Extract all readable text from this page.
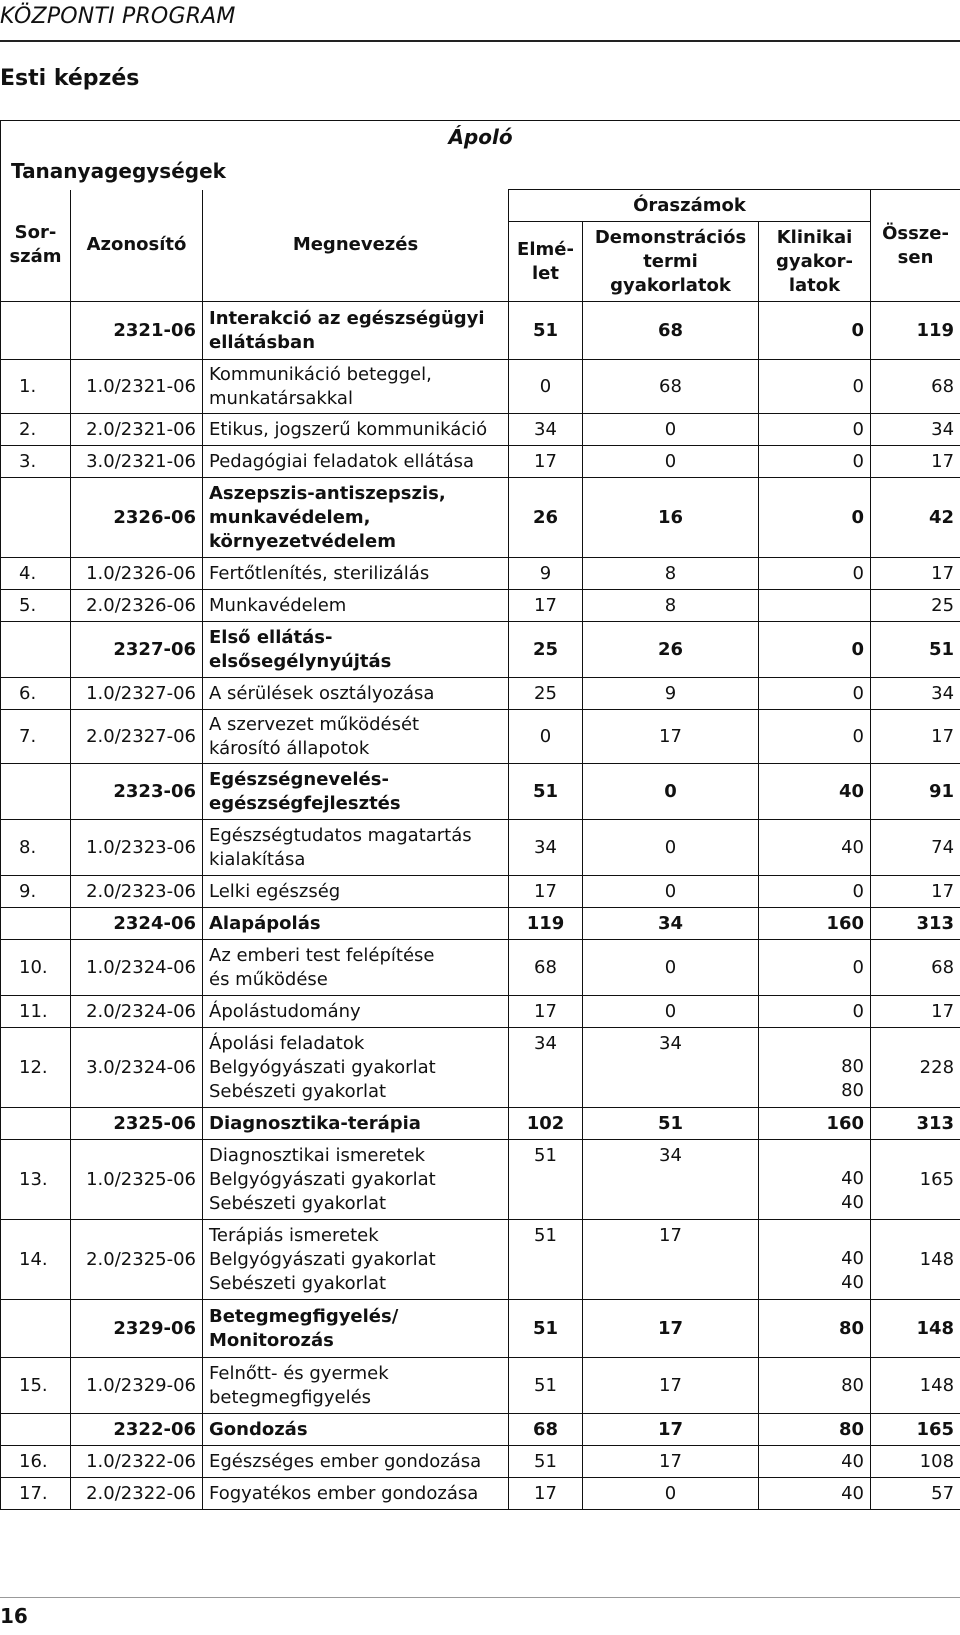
KÖZPONTI PROGRAM
Esti képzés
Ápoló						
Tananyagegységek						
Sor-
szám	Azonosító	Megnevezés	Óraszámok			Össze-
sen
			Elmé-
let	Demonstrációs
termi
gyakorlatok	Klinikai
gyakor-
latok	
	2321-06	Interakció az egészségügyi
ellátásban	51	68	0	119
1.	1.0/2321-06	Kommunikáció beteggel,
munkatársakkal	0	68	0	68
2.	2.0/2321-06	Etikus, jogszerű kommunikáció	34	0	0	34
3.	3.0/2321-06	Pedagógiai feladatok ellátása	17	0	0	17
	2326-06	Aszepszis-antiszepszis,
munkavédelem,
környezetvédelem	26	16	0	42
4.	1.0/2326-06	Fertőtlenítés, sterilizálás	9	8	0	17
5.	2.0/2326-06	Munkavédelem	17	8		25
	2327-06	Első ellátás-
elsősegélynyújtás	25	26	0	51
6.	1.0/2327-06	A sérülések osztályozása	25	9	0	34
7.	2.0/2327-06	A szervezet működését
károsító állapotok	0	17	0	17
	2323-06	Egészségnevelés-
egészségfejlesztés	51	0	40	91
8.	1.0/2323-06	Egészségtudatos magatartás
kialakítása	34	0	40	74
9.	2.0/2323-06	Lelki egészség	17	0	0	17
	2324-06	Alapápolás	119	34	160	313
10.	1.0/2324-06	Az emberi test felépítése
és működése	68	0	0	68
11.	2.0/2324-06	Ápolástudomány	17	0	0	17
12.	3.0/2324-06	Ápolási feladatok
Belgyógyászati gyakorlat
Sebészeti gyakorlat	34	34	80
80	228
	2325-06	Diagnosztika-terápia	102	51	160	313
13.	1.0/2325-06	Diagnosztikai ismeretek
Belgyógyászati gyakorlat
Sebészeti gyakorlat	51	34	40
40	165
14.	2.0/2325-06	Terápiás ismeretek
Belgyógyászati gyakorlat
Sebészeti gyakorlat	51	17	40
40	148
	2329-06	Betegmegfigyelés/
Monitorozás	51	17	80	148
15.	1.0/2329-06	Felnőtt- és gyermek
betegmegfigyelés	51	17	80	148
	2322-06	Gondozás	68	17	80	165
16.	1.0/2322-06	Egészséges ember gondozása	51	17	40	108
17.	2.0/2322-06	Fogyatékos ember gondozása	17	0	40	57
16
